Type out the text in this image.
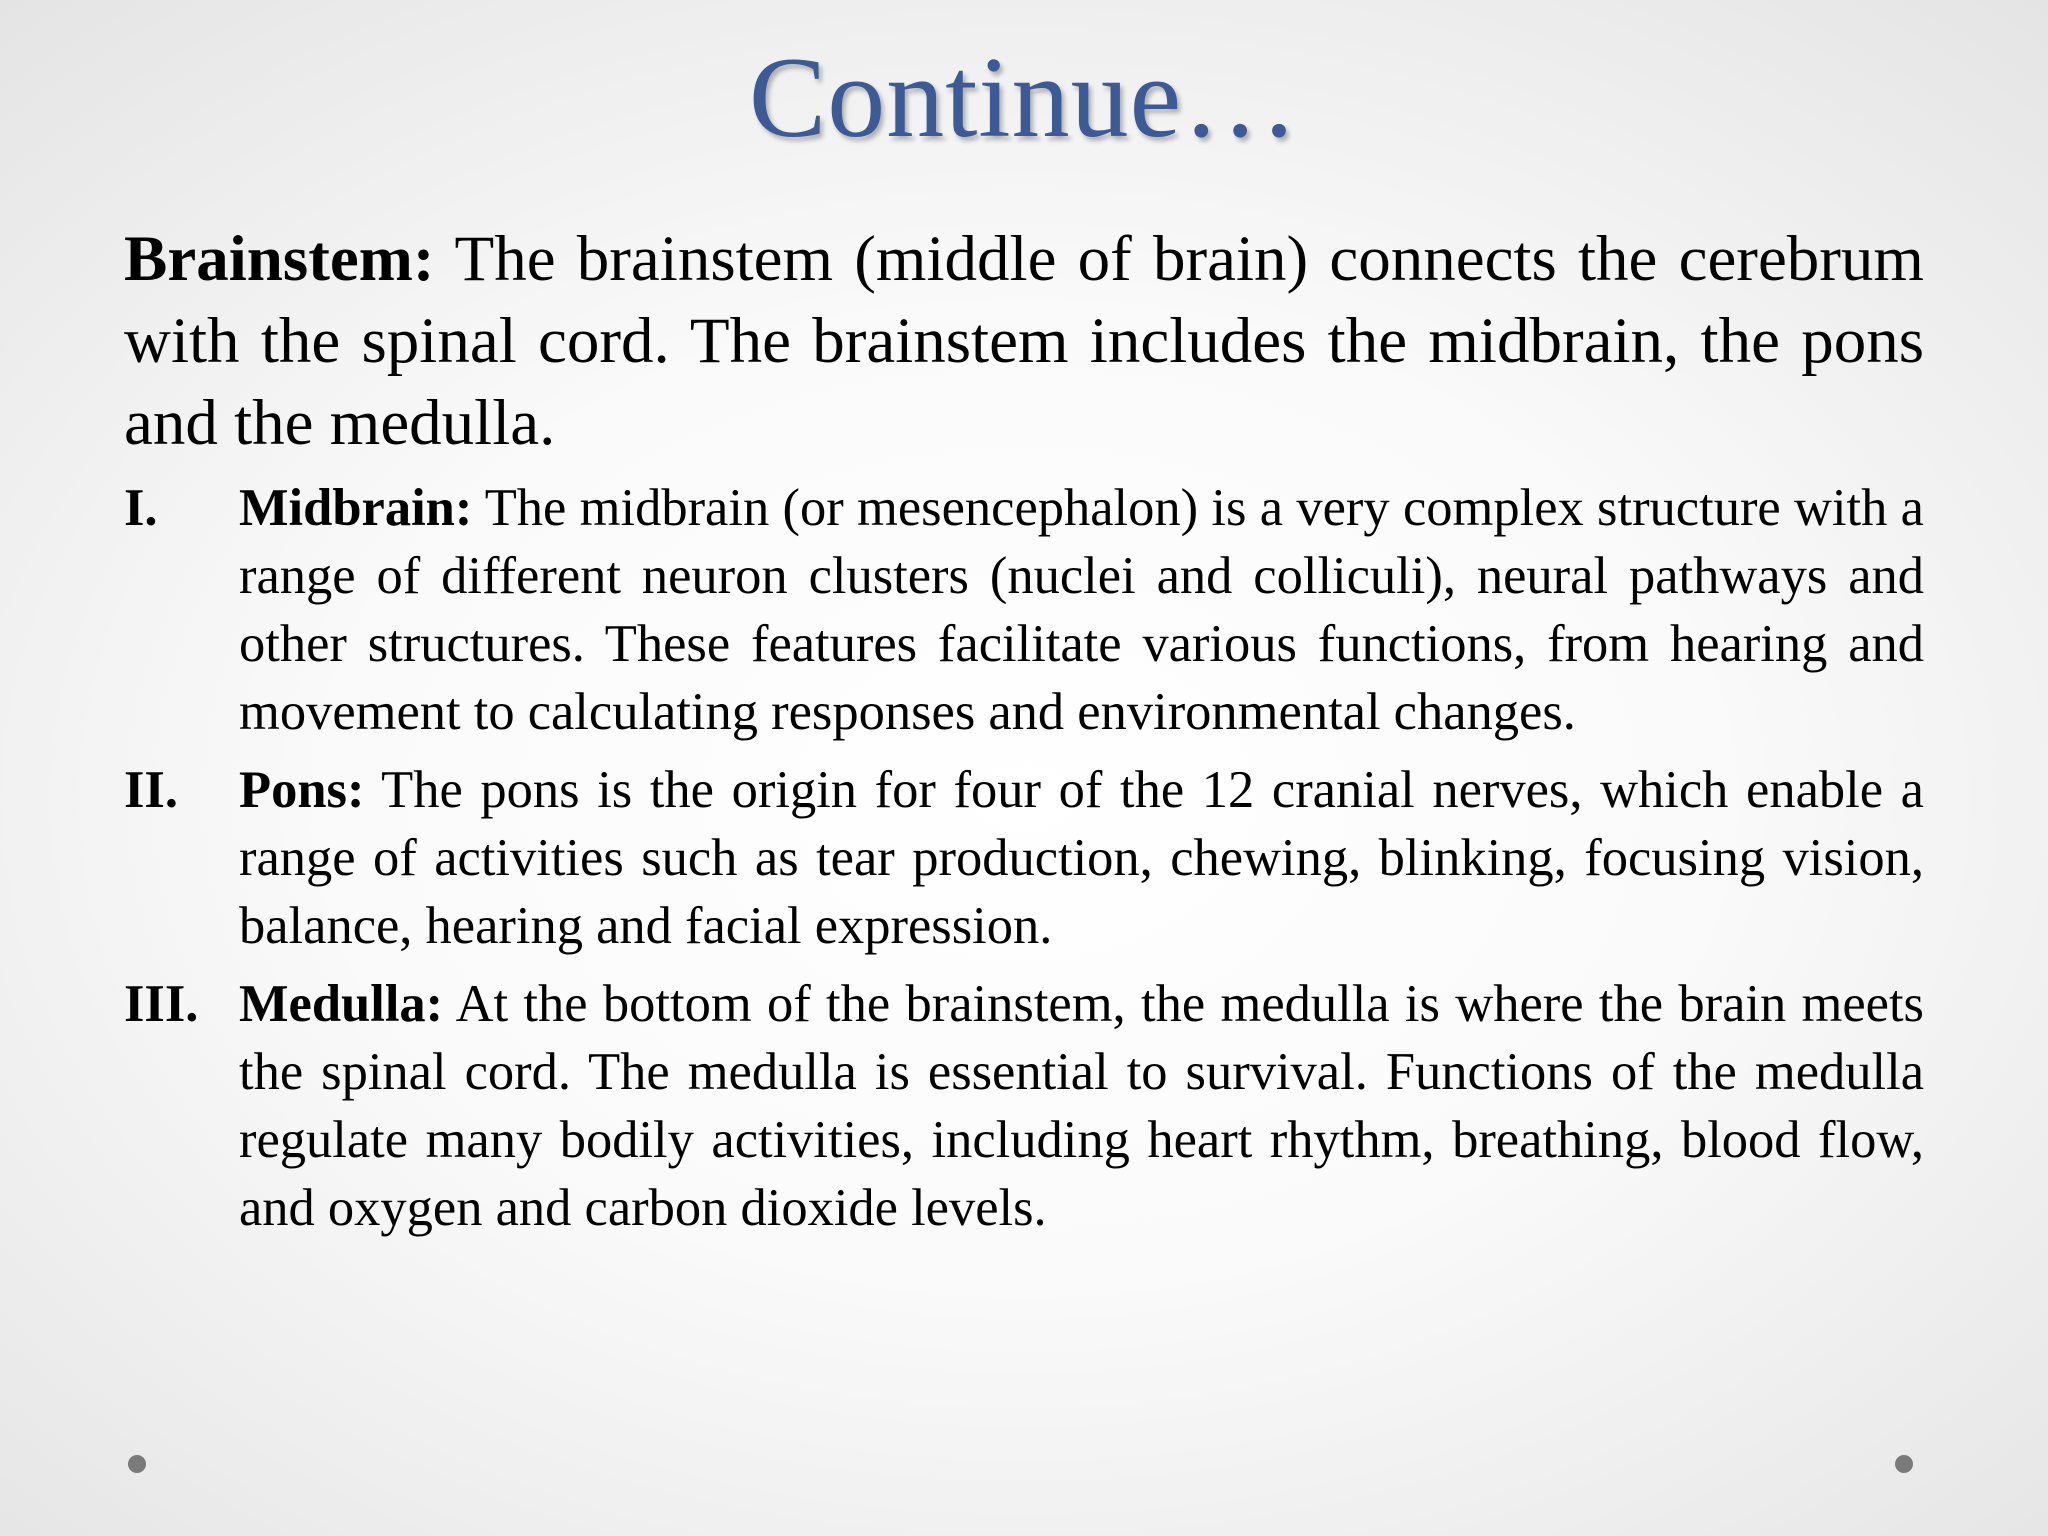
Continue…

Brainstem: The brainstem (middle of brain) connects the cerebrum with the spinal cord. The brainstem includes the midbrain, the pons and the medulla.

I. Midbrain: The midbrain (or mesencephalon) is a very complex structure with a range of different neuron clusters (nuclei and colliculi), neural pathways and other structures. These features facilitate various functions, from hearing and movement to calculating responses and environmental changes.
II. Pons: The pons is the origin for four of the 12 cranial nerves, which enable a range of activities such as tear production, chewing, blinking, focusing vision, balance, hearing and facial expression.
III. Medulla: At the bottom of the brainstem, the medulla is where the brain meets the spinal cord. The medulla is essential to survival. Functions of the medulla regulate many bodily activities, including heart rhythm, breathing, blood flow, and oxygen and carbon dioxide levels.
